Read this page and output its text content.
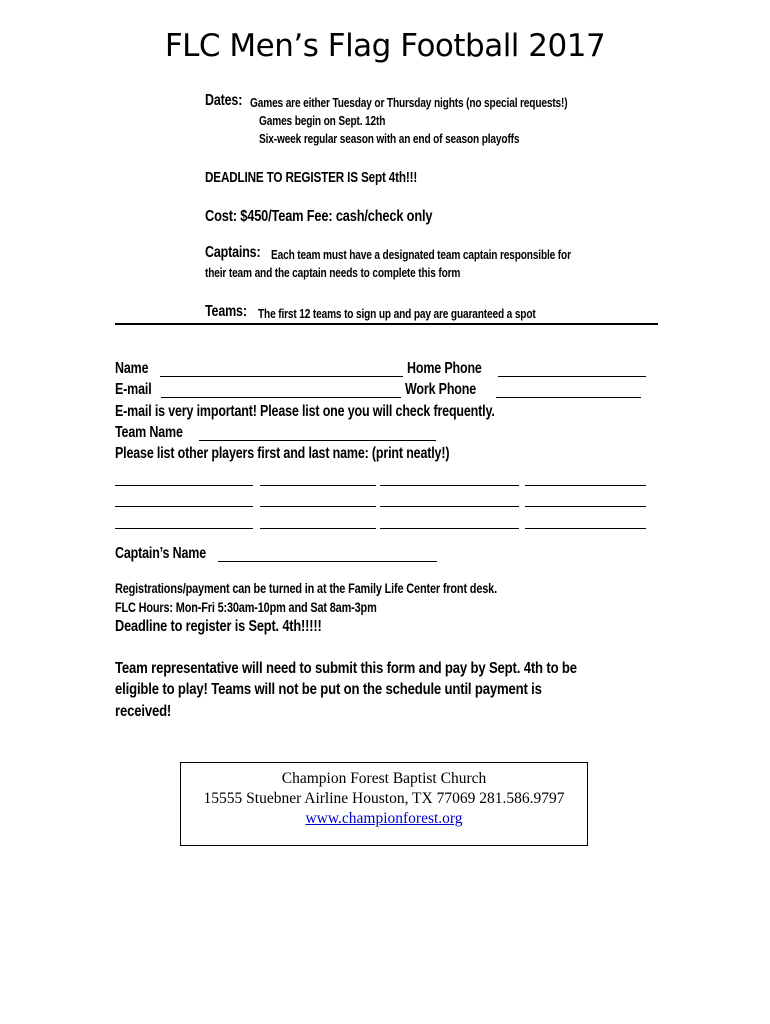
FLC Men’s Flag Football 2017
Dates: Games are either Tuesday or Thursday nights (no special requests!)
Games begin on Sept. 12th
Six-week regular season with an end of season playoffs
DEADLINE TO REGISTER IS Sept 4th!!!
Cost: $450/Team Fee: cash/check only
Captains: Each team must have a designated team captain responsible for
their team and the captain needs to complete this form
Teams: The first 12 teams to sign up and pay are guaranteed a spot
Name	Home Phone
E-mail	Work Phone
E-mail is very important! Please list one you will check frequently.
Team Name
Please list other players first and last name: (print neatly!)
Captain’s Name
Registrations/payment can be turned in at the Family Life Center front desk.
FLC Hours: Mon-Fri 5:30am-10pm and Sat 8am-3pm
Deadline to register is Sept. 4th!!!!!
Team representative will need to submit this form and pay by Sept. 4th to be
eligible to play! Teams will not be put on the schedule until payment is
received!
Champion Forest Baptist Church
15555 Stuebner Airline Houston, TX 77069 281.586.9797
www.championforest.org
